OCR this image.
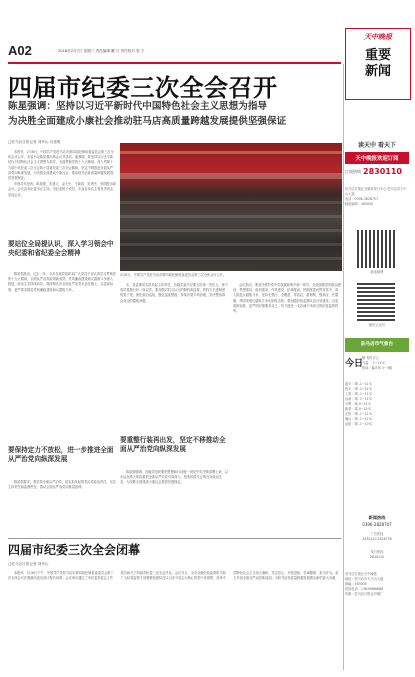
A02	2018年2月7日 星期三 责任编辑 戴 江 责任校对 张 宁
天中晚报
重要新闻
四届市纪委三次全会召开
陈星强调：坚持以习近平新时代中国特色社会主义思想为指导
为决胜全面建成小康社会推动驻马店高质量跨越发展提供坚强保证
□驻马店日报记者 刘华山 付建明

本报讯　2月6日，中国共产党驻马店市第四届纪律检查委员会第三次全体会议召开，市委书记陈星强出席会议并讲话。他强调，要坚持以习近平新时代中国特色社会主义思想为指导，全面贯彻党的十九大精神，深入贯彻十九届中央纪委二次全会和十届省纪委三次全会精神，坚定不移推进全面从严治党向纵深发展，为决胜全面建成小康社会、推动驻马店高质量跨越发展提供坚强保证。

市领导朱是西、陈星强、朱建文、金大中、王新春、吴秀杰、李国胜出席会议。会议由市纪委书记主持。市纪委班子成员、市直各单位主要负责同志参加会议。

2月6日，中国共产党驻马店市第四届纪律检查委员会第三次全体会议召开。
要站位全局提认识，深入学习领会中央纪委和省纪委全会精神
陈星强指出，过去一年，全市各级党组织和广大党员干部认真学习贯彻党的十九大精神，全面从严治党取得新成效，党风廉政建设和反腐败斗争深入推进，政治生态持续向好。要深刻认识全面从严治党永远在路上，以更高标准、更严要求推进党风廉政建设和反腐败斗争。
要保持定力不放松，进一步推进全面从严治党向纵深发展
陈星强要求，要坚持全面从严治党，切实担负起管党治党政治责任，压实主体责任和监督责任，推动全面从严治党向基层延伸。
市、县委要切实担负起主体责任，各级党委书记要当好第一责任人，班子成员要履行好一岗双责。要加强对权力运行的制约和监督，把权力关进制度的笼子里，深化政治巡视，强化巡视整改，持续开展专项治理，坚决整治群众身边的腐败问题。
要重整行装再出发，坚定不移推动全面从严治党向纵深发展
陈星强强调，各级党组织要把思想和行动统一到党中央决策部署上来，以永远在路上的执着把全面从严治党引向深入，营造风清气正的良好政治生态，为决胜全面建成小康社会提供坚强保证。
会议指出，要坚决维护党中央权威和集中统一领导，全面加强党的政治建设、思想建设、组织建设、作风建设、纪律建设，把制度建设贯穿其中，深入推进反腐败斗争，坚持无禁区、全覆盖、零容忍，重遏制、强高压、长震慑，巩固发展反腐败斗争压倒性态势。要加强纪检监察队伍自身建设，以更高的标准、更严的纪律要求自己，努力建设一支忠诚干净担当的纪检监察铁军。
读天中 看天下
天中晚报欢迎订阅
订阅热线 2830110
驻马店日报社全媒体发行中心 驻马店市天中山大道
电话：0396-3828707
邮政编码：463000
新浪微博
微信公众号
驻马店市气象台
今日
晴 有时多云
气温：-1~11℃
风向：偏北风 2~3级
遂平：晴 -1~11℃
西平：晴 -1~11℃
上蔡：晴 -1~11℃
汝南：晴 -1~11℃
平舆：晴 0~11℃
新蔡：晴 0~11℃
正阳：晴 -1~11℃
确山：晴 -1~11℃
泌阳：晴 -1~10℃
新闻热线
0396-2828707
广告热线
2830110 2828726
发行热线
2830110
驻马店日报社天中晚报
地址：驻马店市天中山大道
邮编：463000
投诉电话：13839966888
印刷：驻马店日报社印刷厂
四届市纪委三次全会闭幕
□驻马店日报记者 刘华山
本报讯　2月6日下午，中国共产党驻马店市第四届纪律检查委员会第三次全体会议在圆满完成各项议程后闭幕。会议审议通过了市纪委常委会工作报告和关于四届市纪委三次全会决议。会议号召，全市各级纪检监察机关和广大纪检监察干部要紧密团结在以习近平同志为核心的党中央周围，高举中国特色社会主义伟大旗帜，坚定信心、开拓进取，忠诚履职、担当作为，奋力开创全面从严治党新局面，为驻马店高质量跨越发展做出新的更大贡献。
